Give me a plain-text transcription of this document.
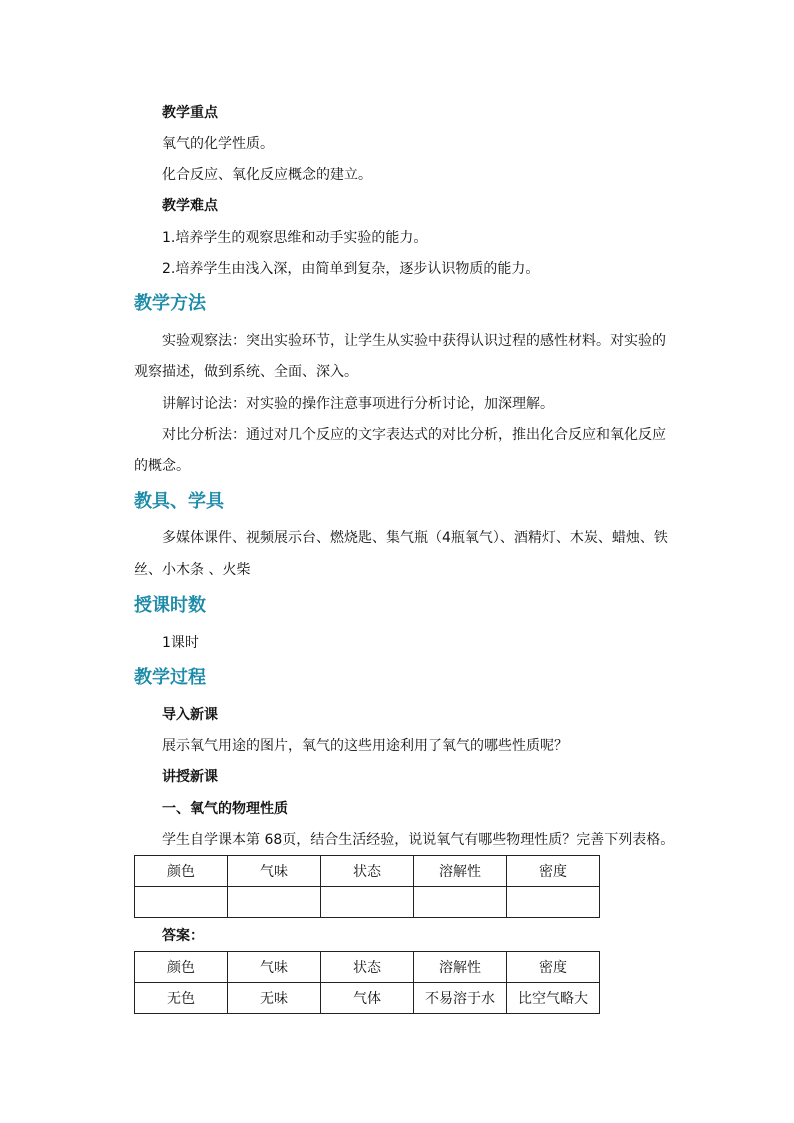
教学重点
氧气的化学性质。
化合反应、氧化反应概念的建立。
教学难点
1.培养学生的观察思维和动手实验的能力。
2.培养学生由浅入深，由简单到复杂，逐步认识物质的能力。
教学方法
实验观察法：突出实验环节，让学生从实验中获得认识过程的感性材料。对实验的
观察描述，做到系统、全面、深入。
讲解讨论法：对实验的操作注意事项进行分析讨论，加深理解。
对比分析法：通过对几个反应的文字表达式的对比分析，推出化合反应和氧化反应
的概念。
教具、学具
多媒体课件、视频展示台、燃烧匙、集气瓶（4瓶氧气）、酒精灯、木炭、蜡烛、铁
丝、小木条 、火柴
授课时数
1课时
教学过程
导入新课
展示氧气用途的图片，氧气的这些用途利用了氧气的哪些性质呢？
讲授新课
一、氧气的物理性质
学生自学课本第 68页，结合生活经验，说说氧气有哪些物理性质？完善下列表格。
颜色	气味	状态	溶解性	密度

答案：
颜色	气味	状态	溶解性	密度
无色	无味	气体	不易溶于水	比空气略大
